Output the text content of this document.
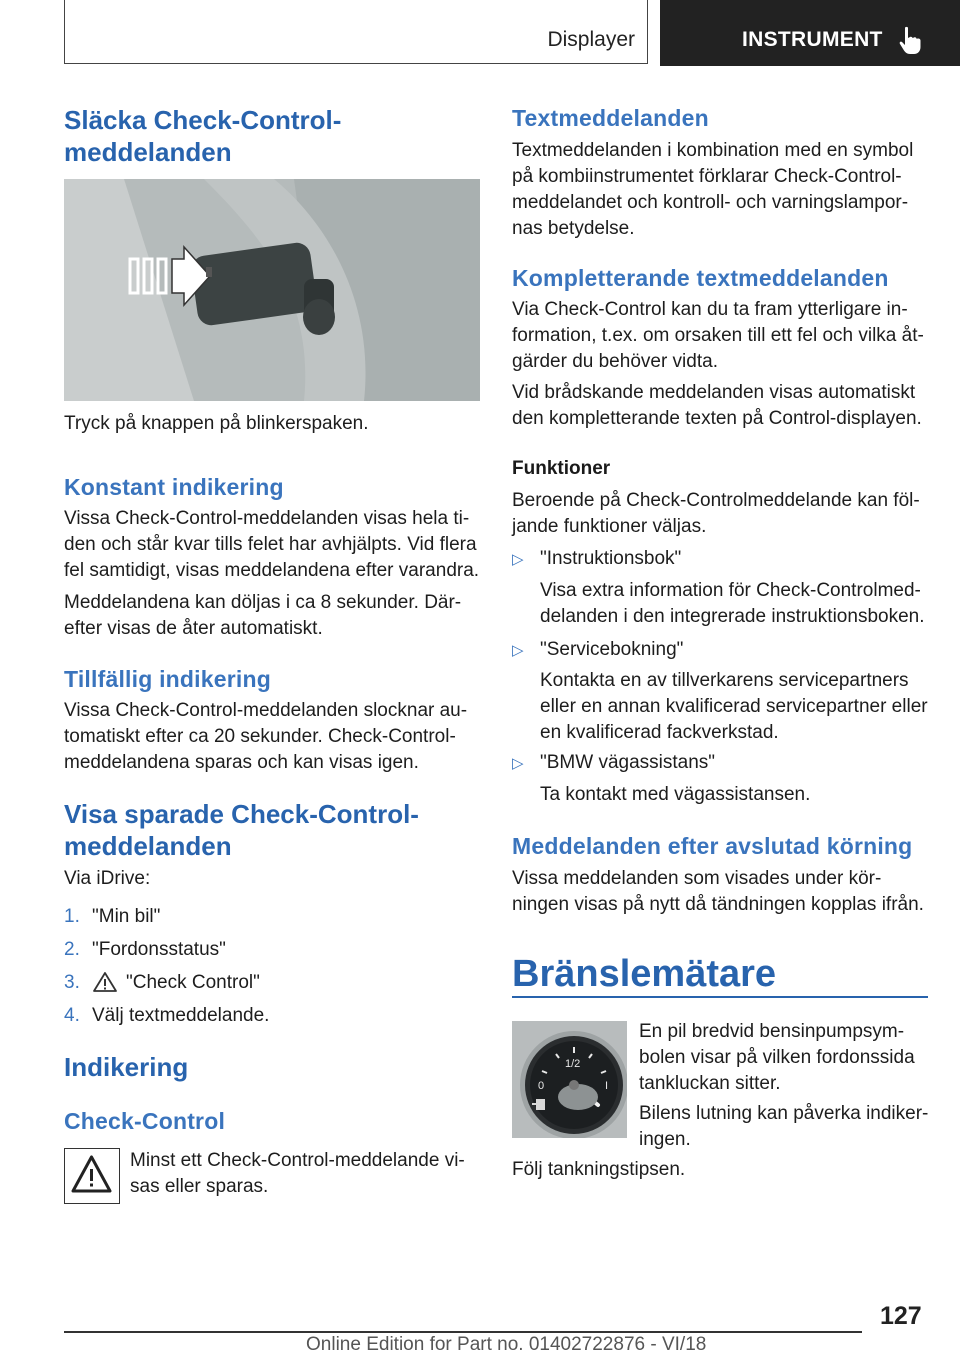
Displayer	INSTRUMENT
Släcka Check-Control-
meddelanden

Tryck på knappen på blinkerspaken.

Konstant indikering

Vissa Check-Control-meddelanden visas hela ti-
den och står kvar tills felet har avhjälpts. Vid flera
fel samtidigt, visas meddelandena efter varandra.

Meddelandena kan döljas i ca 8 sekunder. Där-
efter visas de åter automatiskt.

Tillfällig indikering

Vissa Check-Control-meddelanden slocknar au-
tomatiskt efter ca 20 sekunder. Check-Control-
meddelandena sparas och kan visas igen.

Visa sparade Check-Control-
meddelanden

Via iDrive:

1. "Min bil"

2. "Fordonsstatus"

3. "Check Control"

4. Välj textmeddelande.

Indikering
Check-Control

Minst ett Check-Control-meddelande vi-
sas eller sparas.

Textmeddelanden

Textmeddelanden i kombination med en symbol
på kombiinstrumentet förklarar Check-Control-
meddelandet och kontroll- och varningslampor-
nas betydelse.

Kompletterande textmeddelanden

Via Check-Control kan du ta fram ytterligare in-
formation, t.ex. om orsaken till ett fel och vilka åt-
gärder du behöver vidta.

Vid brådskande meddelanden visas automatiskt
den kompletterande texten på Control-displayen.

Funktioner

Beroende på Check-Controlmeddelande kan föl-
jande funktioner väljas.

▷ "Instruktionsbok"

Visa extra information för Check-Controlmed-
delanden i den integrerade instruktionsboken.

▷ "Servicebokning"

Kontakta en av tillverkarens servicepartners
eller en annan kvalificerad servicepartner eller
en kvalificerad fackverkstad.

▷ "BMW vägassistans"

Ta kontakt med vägassistansen.

Meddelanden efter avslutad körning

Vissa meddelanden som visades under kör-
ningen visas på nytt då tändningen kopplas ifrån.

Bränslemätare
1/2
0	I

En pil bredvid bensinpumpsym-
bolen visar på vilken fordonssida
tankluckan sitter.

Bilens lutning kan påverka indiker-
ingen.

Följ tankningstipsen.

127
Online Edition for Part no. 01402722876 - VI/18
